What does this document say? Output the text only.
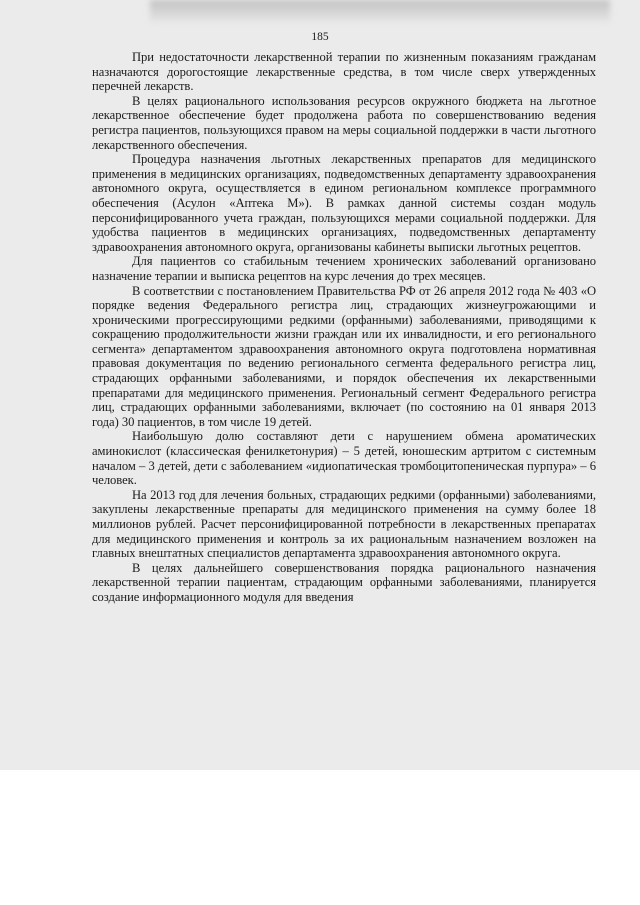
185

При недостаточности лекарственной терапии по жизненным показаниям гражданам назначаются дорогостоящие лекарственные средства, в том числе сверх утвержденных перечней лекарств.

В целях рационального использования ресурсов окружного бюджета на льготное лекарственное обеспечение будет продолжена работа по совершенствованию ведения регистра пациентов, пользующихся правом на меры социальной поддержки в части льготного лекарственного обеспечения.

Процедура назначения льготных лекарственных препаратов для медицинского применения в медицинских организациях, подведомственных департаменту здравоохранения автономного округа, осуществляется в едином региональном комплексе программного обеспечения (Асулон «Аптека М»). В рамках данной системы создан модуль персонифицированного учета граждан, пользующихся мерами социальной поддержки. Для удобства пациентов в медицинских организациях, подведомственных департаменту здравоохранения автономного округа, организованы кабинеты выписки льготных рецептов.

Для пациентов со стабильным течением хронических заболеваний организовано назначение терапии и выписка рецептов на курс лечения до трех месяцев.

В соответствии с постановлением Правительства РФ от 26 апреля 2012 года № 403 «О порядке ведения Федерального регистра лиц, страдающих жизнеугрожающими и хроническими прогрессирующими редкими (орфанными) заболеваниями, приводящими к сокращению продолжительности жизни граждан или их инвалидности, и его регионального сегмента» департаментом здравоохранения автономного округа подготовлена нормативная правовая документация по ведению регионального сегмента федерального регистра лиц, страдающих орфанными заболеваниями, и порядок обеспечения их лекарственными препаратами для медицинского применения. Региональный сегмент Федерального регистра лиц, страдающих орфанными заболеваниями, включает (по состоянию на 01 января 2013 года) 30 пациентов, в том числе 19 детей.

Наибольшую долю составляют дети с нарушением обмена ароматических аминокислот (классическая фенилкетонурия) – 5 детей, юношеским артритом с системным началом – 3 детей, дети с заболеванием «идиопатическая тромбоцитопеническая пурпура» – 6 человек.

На 2013 год для лечения больных, страдающих редкими (орфанными) заболеваниями, закуплены лекарственные препараты для медицинского применения на сумму более 18 миллионов рублей. Расчет персонифицированной потребности в лекарственных препаратах для медицинского применения и контроль за их рациональным назначением возложен на главных внештатных специалистов департамента здравоохранения автономного округа.

В целях дальнейшего совершенствования порядка рационального назначения лекарственной терапии пациентам, страдающим орфанными заболеваниями, планируется создание информационного модуля для введения
